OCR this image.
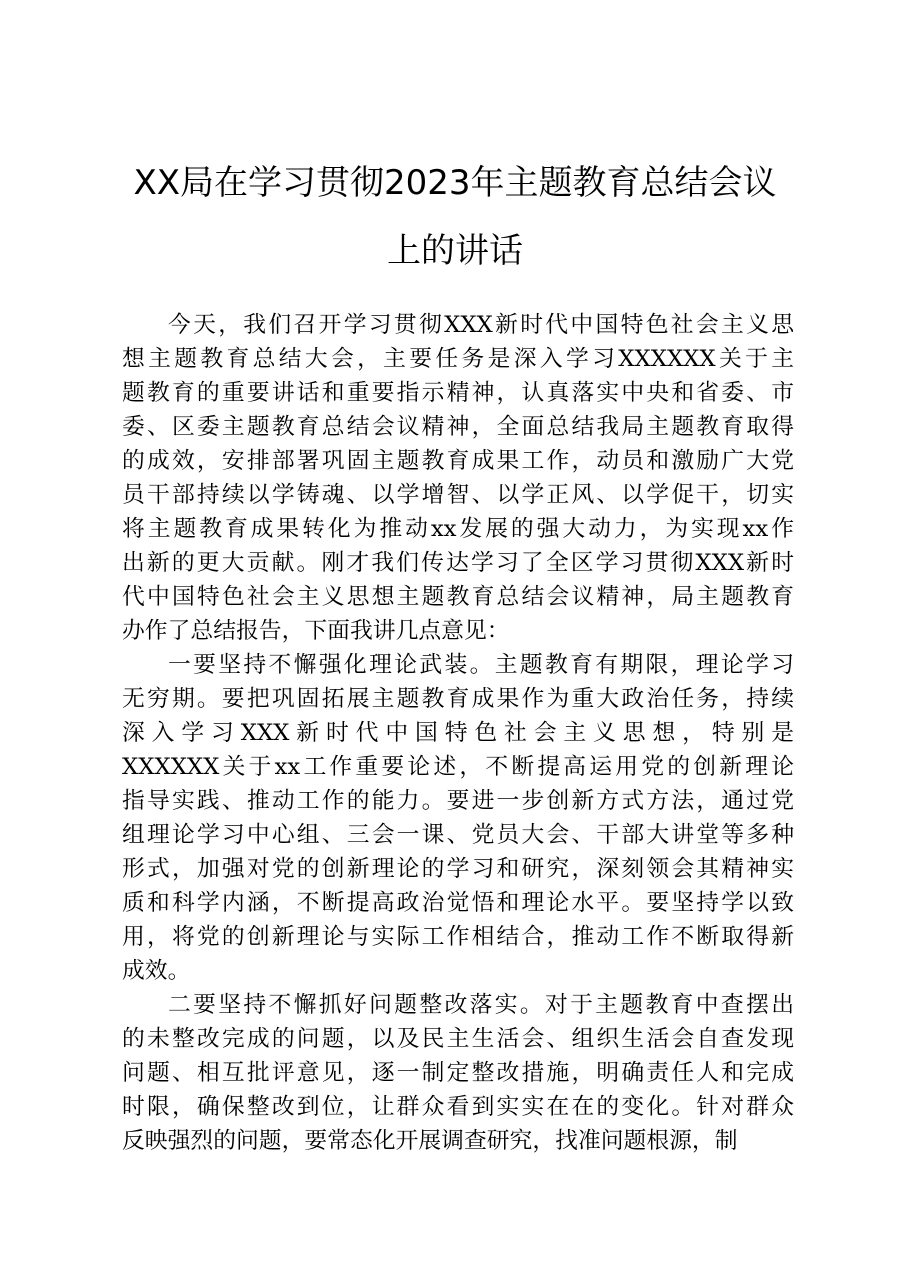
XX局在学习贯彻2023年主题教育总结会议
上的讲话
今天，我们召开学习贯彻XXX新时代中国特色社会主义思
想主题教育总结大会，主要任务是深入学习XXXXXX关于主
题教育的重要讲话和重要指示精神，认真落实中央和省委、市
委、区委主题教育总结会议精神，全面总结我局主题教育取得
的成效，安排部署巩固主题教育成果工作，动员和激励广大党
员干部持续以学铸魂、以学增智、以学正风、以学促干，切实
将主题教育成果转化为推动xx发展的强大动力，为实现xx作
出新的更大贡献。刚才我们传达学习了全区学习贯彻XXX新时
代中国特色社会主义思想主题教育总结会议精神，局主题教育
办作了总结报告，下面我讲几点意见：
一要坚持不懈强化理论武装。主题教育有期限，理论学习
无穷期。要把巩固拓展主题教育成果作为重大政治任务，持续
深入学习XXX新时代中国特色社会主义思想，特别是
XXXXXX关于xx工作重要论述，不断提高运用党的创新理论
指导实践、推动工作的能力。要进一步创新方式方法，通过党
组理论学习中心组、三会一课、党员大会、干部大讲堂等多种
形式，加强对党的创新理论的学习和研究，深刻领会其精神实
质和科学内涵，不断提高政治觉悟和理论水平。要坚持学以致
用，将党的创新理论与实际工作相结合，推动工作不断取得新
成效。
二要坚持不懈抓好问题整改落实。对于主题教育中查摆出
的未整改完成的问题，以及民主生活会、组织生活会自查发现
问题、相互批评意见，逐一制定整改措施，明确责任人和完成
时限，确保整改到位，让群众看到实实在在的变化。针对群众
反映强烈的问题，要常态化开展调查研究，找准问题根源，制
